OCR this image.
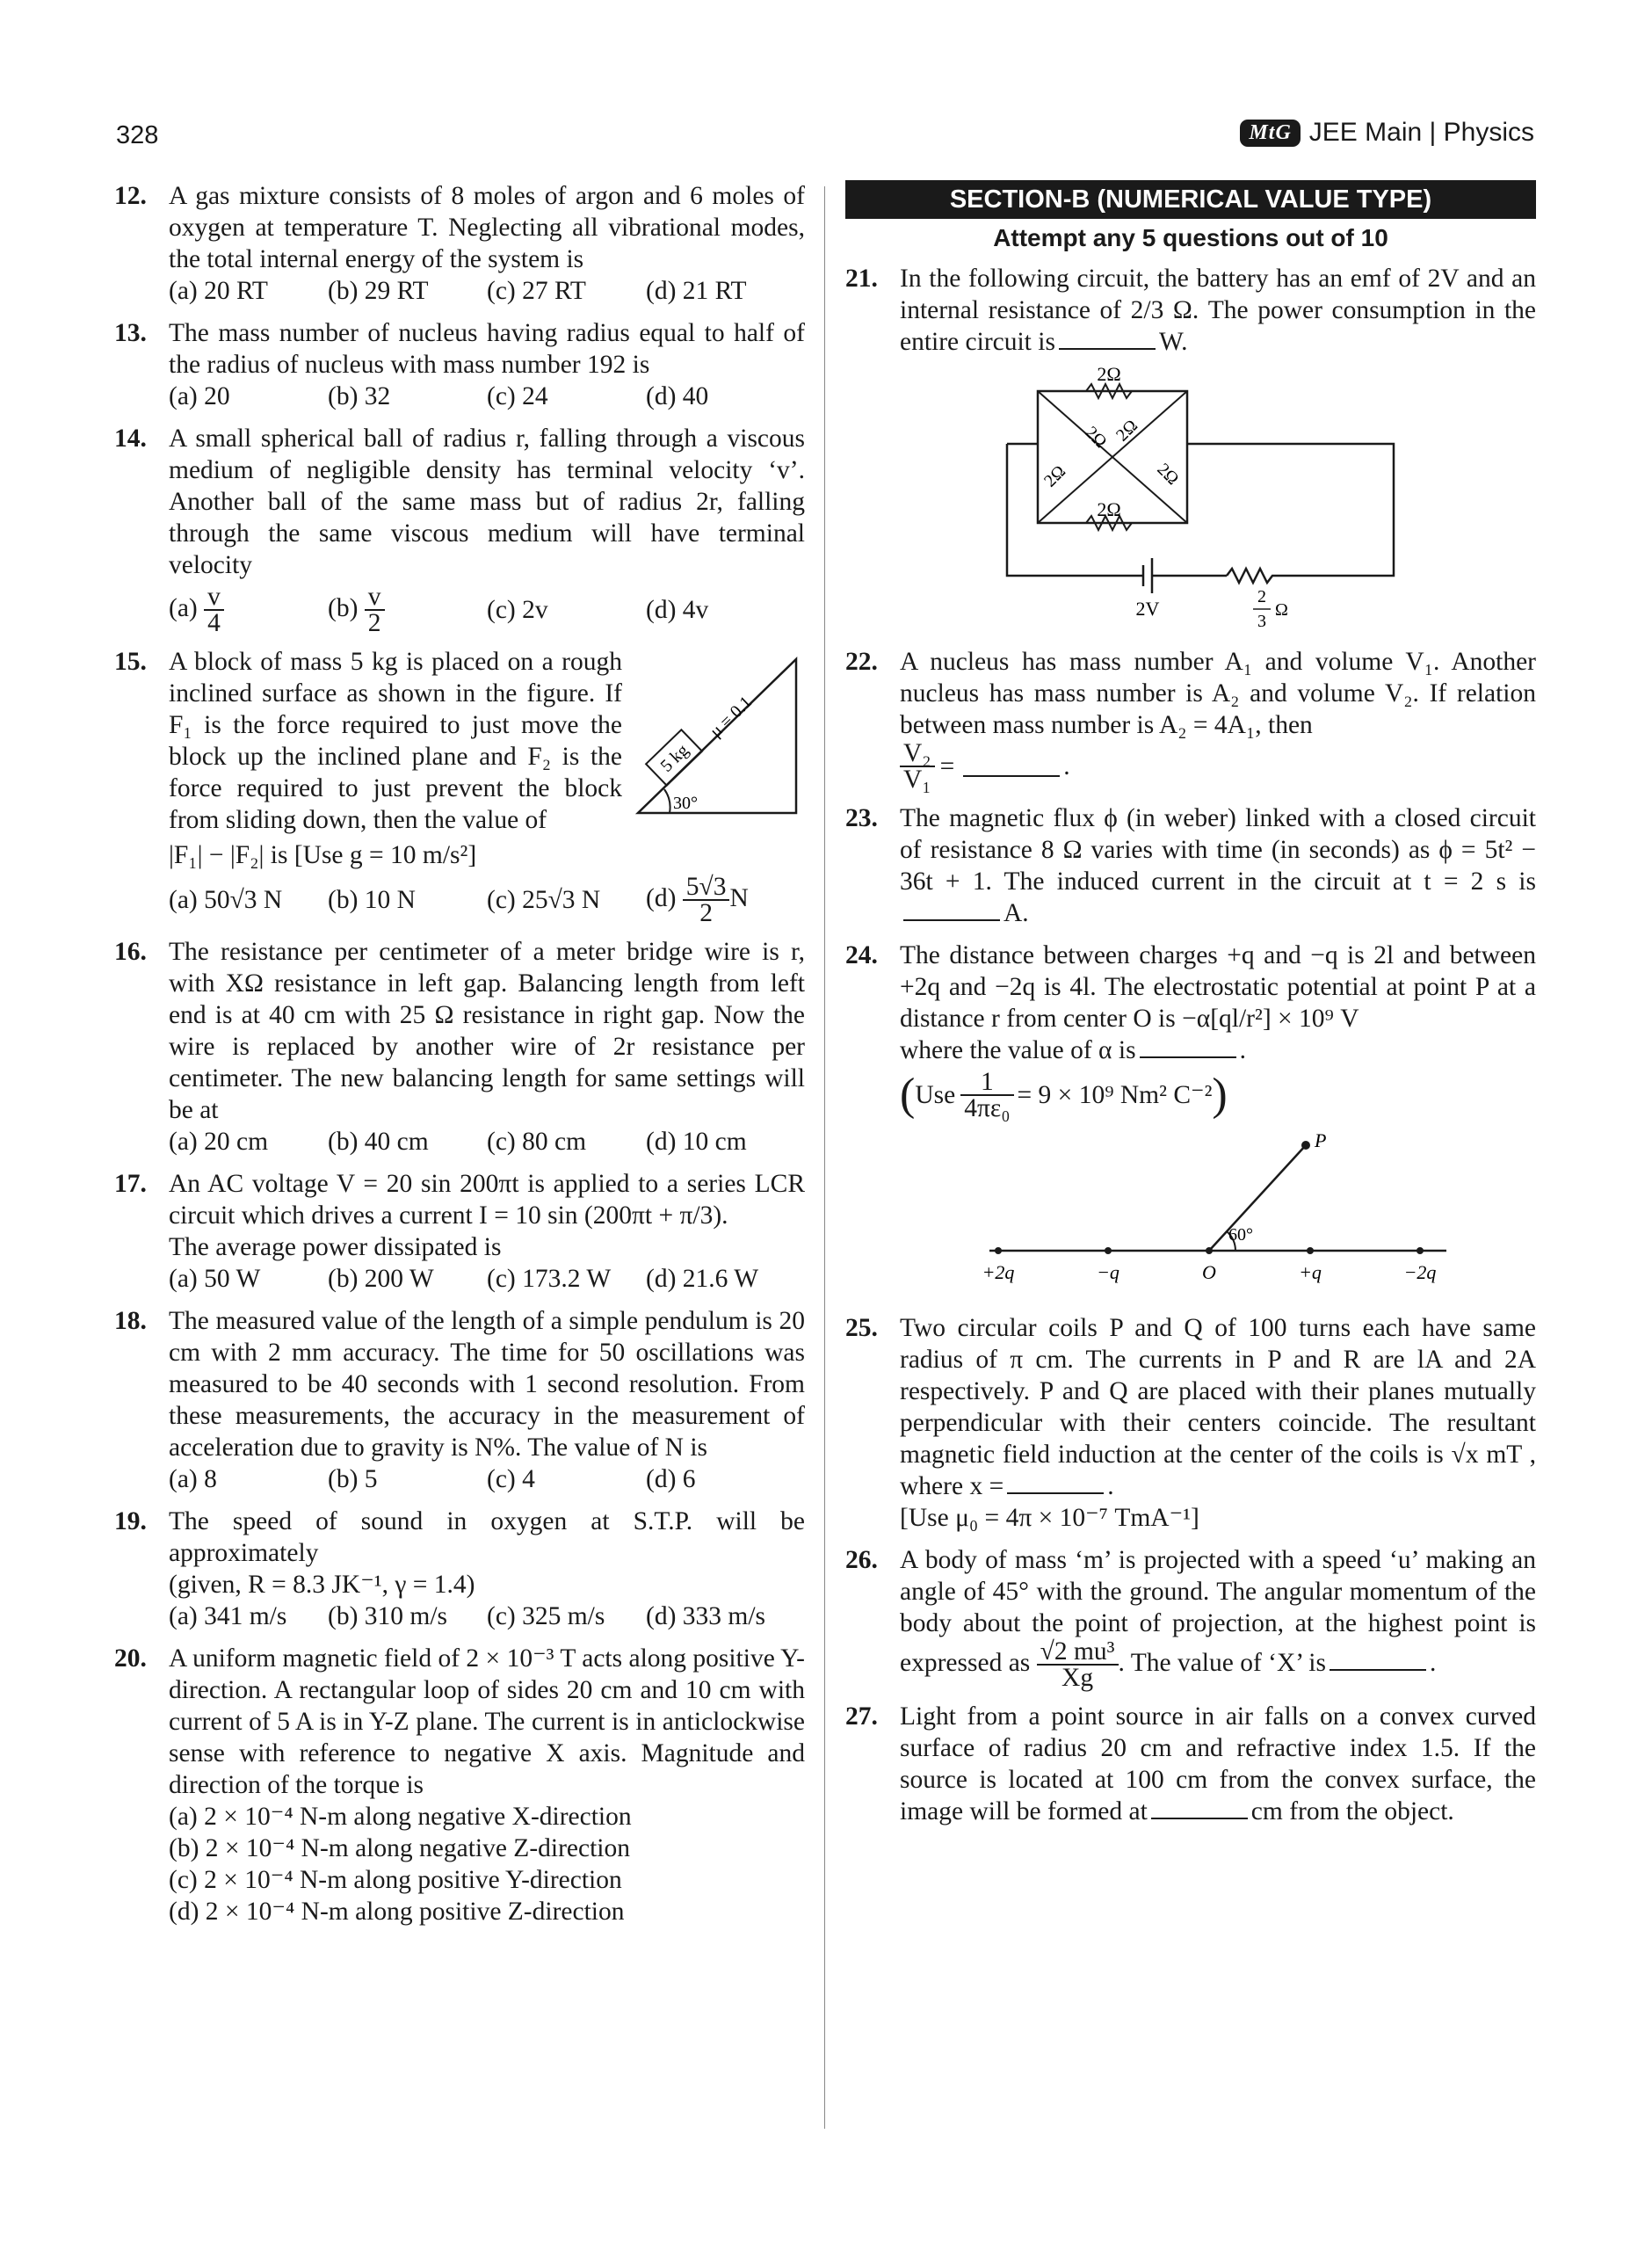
328	MtG JEE Main | Physics
12. A gas mixture consists of 8 moles of argon and 6 moles of oxygen at temperature T. Neglecting all vibrational modes, the total internal energy of the system is
(a) 20 RT	(b) 29 RT	(c) 27 RT	(d) 21 RT
13. The mass number of nucleus having radius equal to half of the radius of nucleus with mass number 192 is
(a) 20	(b) 32	(c) 24	(d) 40
14. A small spherical ball of radius r, falling through a viscous medium of negligible density has terminal velocity ‘v’. Another ball of the same mass but of radius 2r, falling through the same viscous medium will have terminal velocity
$(a) \frac{v}{4}$	$(b) \frac{v}{2}$	(c) 2v	(d) 4v
15. A block of mass 5 kg is placed on a rough inclined surface as shown in the figure. If F₁ is the force required to just move the block up the inclined plane and F₂ is the force required to just prevent the block from sliding down, then the value of
5 kg
μ = 0.1
30°
|F₁| − |F₂| is [Use g = 10 m/s²]
(a) 50√3 N	(b) 10 N	(c) 25√3 N	$(d) \frac{5√3}{2}$ N
16. The resistance per centimeter of a meter bridge wire is r, with XΩ resistance in left gap. Balancing length from left end is at 40 cm with 25 Ω resistance in right gap. Now the wire is replaced by another wire of 2r resistance per centimeter. The new balancing length for same settings will be at
(a) 20 cm	(b) 40 cm	(c) 80 cm	(d) 10 cm
17. An AC voltage V = 20 sin 200πt is applied to a series LCR circuit which drives a current I = 10 sin (200πt + π/3).
The average power dissipated is
(a) 50 W	(b) 200 W	(c) 173.2 W	(d) 21.6 W
18. The measured value of the length of a simple pendulum is 20 cm with 2 mm accuracy. The time for 50 oscillations was measured to be 40 seconds with 1 second resolution. From these measurements, the accuracy in the measurement of acceleration due to gravity is N%. The value of N is
(a) 8	(b) 5	(c) 4	(d) 6
19. The speed of sound in oxygen at S.T.P. will be approximately
(given, R = 8.3 JK⁻¹, γ = 1.4)
(a) 341 m/s	(b) 310 m/s	(c) 325 m/s	(d) 333 m/s
20. A uniform magnetic field of 2 × 10⁻³ T acts along positive Y-direction. A rectangular loop of sides 20 cm and 10 cm with current of 5 A is in Y-Z plane. The current is in anticlockwise sense with reference to negative X axis. Magnitude and direction of the torque is
(a) 2 × 10⁻⁴ N-m along negative X-direction
(b) 2 × 10⁻⁴ N-m along negative Z-direction
(c) 2 × 10⁻⁴ N-m along positive Y-direction
(d) 2 × 10⁻⁴ N-m along positive Z-direction
SECTION-B (NUMERICAL VALUE TYPE)
Attempt any 5 questions out of 10
21. In the following circuit, the battery has an emf of 2V and an internal resistance of 2/3 Ω. The power consumption in the entire circuit is	W.
2Ω
2Ω
2Ω 2Ω
2Ω	2Ω
2V
2
3
Ω
22. A nucleus has mass number A₁ and volume V₁. Another nucleus has mass number is A₂ and volume V₂. If relation between mass number is A₂ = 4A₁, then
$\frac{\text{V₂}}{\text{V₁}}$ =	.
23. The magnetic flux ϕ (in weber) linked with a closed circuit of resistance 8 Ω varies with time (in seconds) as ϕ = 5t² − 36t + 1. The induced current in the circuit at t = 2 s isA.
24. The distance between charges +q and −q is 2l and between +2q and −2q is 4l. The electrostatic potential at point P at a distance r from center O is −α[ql/r²] × 10⁹ V
where the value of α is	.
( Use $\frac{1}{\text{4πε₀}} = 9 \times 10^9$ Nm² C⁻² )
P
60°
+2q	−q	O	+q	−2q
25. Two circular coils P and Q of 100 turns each have same radius of π cm. The currents in P and R are lA and 2A respectively. P and Q are placed with their planes mutually perpendicular with their centers coincide. The resultant magnetic field induction at the center of the coils is √x mT , where x =	.
[Use μ₀ = 4π × 10⁻⁷ TmA⁻¹]
26. A body of mass ‘m’ is projected with a speed ‘u’ making an angle of 45° with the ground. The angular momentum of the body about the point of projection, at the highest point is expressed as $\frac{\text{√2 mu³}}{Xg}$ . The value of ‘X’ is	.
27. Light from a point source in air falls on a convex curved surface of radius 20 cm and refractive index 1.5. If the source is located at 100 cm from the convex surface, the image will be formed at	cm from the object.
